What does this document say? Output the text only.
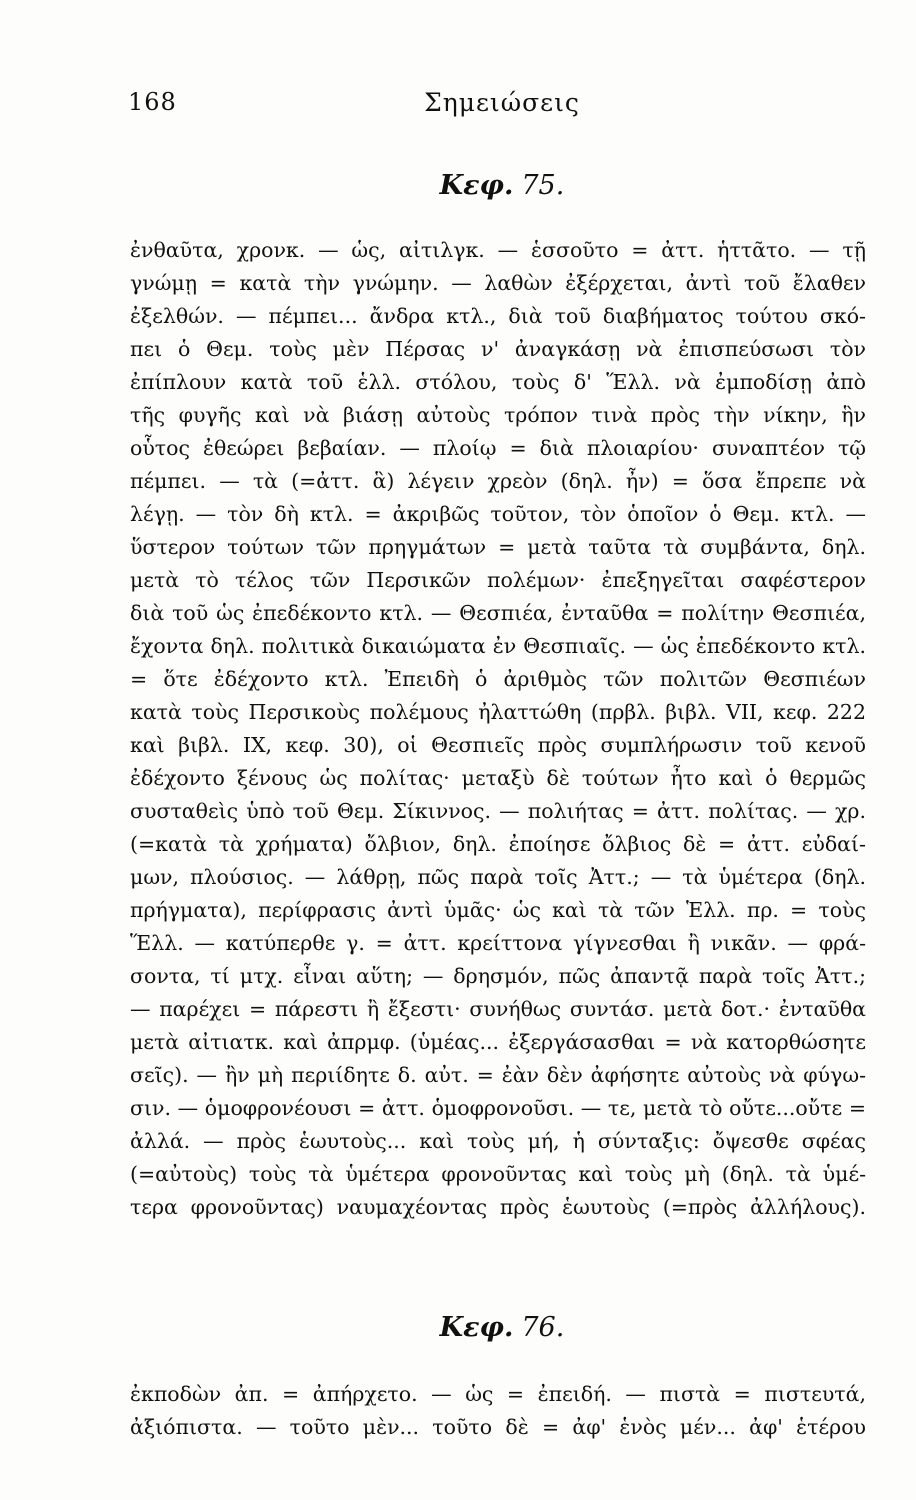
168	Σημειώσεις
Κεφ. 75.
ἐνθαῦτα, χρονκ. — ὡς, αἰτιλγκ. — ἑσσοῦτο = ἀττ. ἡττᾶτο. — τῇ
γνώμῃ = κατὰ τὴν γνώμην. — λαθὼν ἐξέρχεται, ἀντὶ τοῦ ἔλαθεν
ἐξελθών. — πέμπει... ἄνδρα κτλ., διὰ τοῦ διαβήματος τούτου σκό-
πει ὁ Θεμ. τοὺς μὲν Πέρσας ν' ἀναγκάσῃ νὰ ἐπισπεύσωσι τὸν
ἐπίπλουν κατὰ τοῦ ἑλλ. στόλου, τοὺς δ' Ἕλλ. νὰ ἐμποδίσῃ ἀπὸ
τῆς φυγῆς καὶ νὰ βιάσῃ αὐτοὺς τρόπον τινὰ πρὸς τὴν νίκην, ἣν
οὗτος ἐθεώρει βεβαίαν. — πλοίῳ = διὰ πλοιαρίου· συναπτέον τῷ
πέμπει. — τὰ (=ἀττ. ἃ) λέγειν χρεὸν (δηλ. ἦν) = ὅσα ἔπρεπε νὰ
λέγῃ. — τὸν δὴ κτλ. = ἀκριβῶς τοῦτον, τὸν ὁποῖον ὁ Θεμ. κτλ. —
ὕστερον τούτων τῶν πρηγμάτων = μετὰ ταῦτα τὰ συμβάντα, δηλ.
μετὰ τὸ τέλος τῶν Περσικῶν πολέμων· ἐπεξηγεῖται σαφέστερον
διὰ τοῦ ὡς ἐπεδέκοντο κτλ. — Θεσπιέα, ἐνταῦθα = πολίτην Θεσπιέα,
ἔχοντα δηλ. πολιτικὰ δικαιώματα ἐν Θεσπιαῖς. — ὡς ἐπεδέκοντο κτλ.
= ὅτε ἐδέχοντο κτλ. Ἐπειδὴ ὁ ἀριθμὸς τῶν πολιτῶν Θεσπιέων
κατὰ τοὺς Περσικοὺς πολέμους ἠλαττώθη (πρβλ. βιβλ. VII, κεφ. 222
καὶ βιβλ. IX, κεφ. 30), οἱ Θεσπιεῖς πρὸς συμπλήρωσιν τοῦ κενοῦ
ἐδέχοντο ξένους ὡς πολίτας· μεταξὺ δὲ τούτων ἦτο καὶ ὁ θερμῶς
συσταθεὶς ὑπὸ τοῦ Θεμ. Σίκιννος. — πολιήτας = ἀττ. πολίτας. — χρ.
(=κατὰ τὰ χρήματα) ὄλβιον, δηλ. ἐποίησε ὄλβιος δὲ = ἀττ. εὐδαί-
μων, πλούσιος. — λάθρῃ, πῶς παρὰ τοῖς Ἀττ.; — τὰ ὑμέτερα (δηλ.
πρήγματα), περίφρασις ἀντὶ ὑμᾶς· ὡς καὶ τὰ τῶν Ἑλλ. πρ. = τοὺς
Ἕλλ. — κατύπερθε γ. = ἀττ. κρείττονα γίγνεσθαι ἢ νικᾶν. — φρά-
σοντα, τί μτχ. εἶναι αὕτη; — δρησμόν, πῶς ἀπαντᾷ παρὰ τοῖς Ἀττ.;
— παρέχει = πάρεστι ἢ ἔξεστι· συνήθως συντάσ. μετὰ δοτ.· ἐνταῦθα
μετὰ αἰτιατκ. καὶ ἀπρμφ. (ὑμέας... ἐξεργάσασθαι = νὰ κατορθώσητε
σεῖς). — ἢν μὴ περιίδητε δ. αὐτ. = ἐὰν δὲν ἀφήσητε αὐτοὺς νὰ φύγω-
σιν. — ὁμοφρονέουσι = ἀττ. ὁμοφρονοῦσι. — τε, μετὰ τὸ οὔτε...οὔτε =
ἀλλά. — πρὸς ἑωυτοὺς... καὶ τοὺς μή, ἡ σύνταξις: ὄψεσθε σφέας
(=αὐτοὺς) τοὺς τὰ ὑμέτερα φρονοῦντας καὶ τοὺς μὴ (δηλ. τὰ ὑμέ-
τερα φρονοῦντας) ναυμαχέοντας πρὸς ἑωυτοὺς (=πρὸς ἀλλήλους).
Κεφ. 76.
ἐκποδὼν ἀπ. = ἀπήρχετο. — ὡς = ἐπειδή. — πιστὰ = πιστευτά,
ἀξιόπιστα. — τοῦτο μὲν... τοῦτο δὲ = ἀφ' ἑνὸς μέν... ἀφ' ἑτέρου
